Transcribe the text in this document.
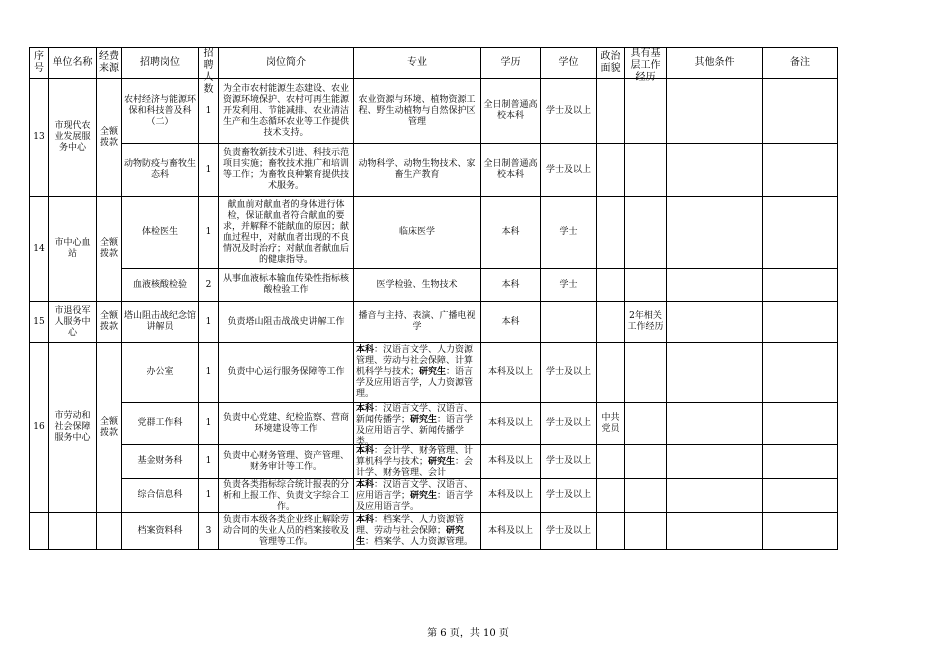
序号	单位名称	经费来源	招聘岗位	招聘人数	岗位简介	专业	学历	学位	政治面貌	具有基层工作经历	其他条件	备注

13	市现代农业发展服务中心	全额拨款	农村经济与能源环保和科技普及科（二）	1	为全市农村能源生态建设、农业资源环境保护、农村可再生能源开发利用、节能减排、农业清洁生产和生态循环农业等工作提供技术支持。	农业资源与环境、植物资源工程、野生动植物与自然保护区管理	全日制普通高校本科	学士及以上				

			动物防疫与畜牧生态科	1	负责畜牧新技术引进、科技示范项目实施；畜牧技术推广和培训等工作；为畜牧良种繁育提供技术服务。	动物科学、动物生物技术、家畜生产教育	全日制普通高校本科	学士及以上				

14	市中心血站	全额拨款	体检医生	1	献血前对献血者的身体进行体检，保证献血者符合献血的要求，并解释不能献血的原因；献血过程中，对献血者出现的不良情况及时治疗；对献血者献血后的健康指导。	临床医学	本科	学士				

			血液核酸检验	2	从事血液标本输血传染性指标核酸检验工作	医学检验、生物技术	本科	学士				

15	市退役军人服务中心	全额拨款	塔山阻击战纪念馆 讲解员	1	负责塔山阻击战战史讲解工作	播音与主持、表演、广播电视学	本科			2年相关工作经历		

16	市劳动和社会保障服务中心	全额拨款	办公室	1	负责中心运行服务保障等工作	本科：汉语言文学、人力资源管理、劳动与社会保障、计算机科学与技术；研究生：语言学及应用语言学，人力资源管理。	本科及以上	学士及以上				

			党群工作科	1	负责中心党建、纪检监察、营商环境建设等工作	本科：汉语言文学、汉语言、新闻传播学；研究生：语言学及应用语言学、新闻传播学类。	本科及以上	学士及以上	中共党员			

			基金财务科	1	负责中心财务管理、资产管理、财务审计等工作。	本科：会计学、财务管理、计算机科学与技术；研究生：会计学、财务管理、会计	本科及以上	学士及以上				

			综合信息科	1	负责各类指标综合统计报表的分析和上报工作、负责文字综合工作。	本科：汉语言文学、汉语言、应用语言学；研究生：语言学及应用语言学。	本科及以上	学士及以上				

			档案资料科	3	负责市本级各类企业终止解除劳动合同的失业人员的档案接收及管理等工作。	本科：档案学、人力资源管理、劳动与社会保障；研究生：档案学、人力资源管理。	本科及以上	学士及以上				

第 6 页，共 10 页
